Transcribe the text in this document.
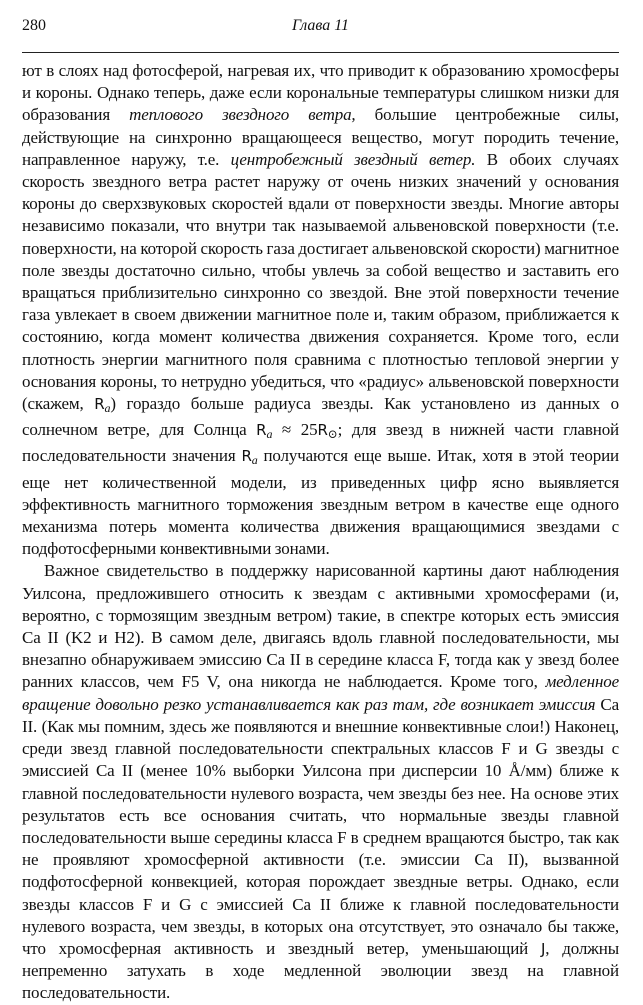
280	Глава 11

ют в слоях над фотосферой, нагревая их, что приводит к образованию хромосферы и короны. Однако теперь, даже если корональные температуры слишком низки для образования теплового звездного ветра, большие центробежные силы, действующие на синхронно вращающееся вещество, могут породить течение, направленное наружу, т.е. центробежный звездный ветер. В обоих случаях скорость звездного ветра растет наружу от очень низких значений у основания короны до сверхзвуковых скоростей вдали от поверхности звезды. Многие авторы независимо показали, что внутри так называемой альвеновской поверхности (т.е. поверхности, на которой скорость газа достигает альвеновской скорости) магнитное поле звезды достаточно сильно, чтобы увлечь за собой вещество и заставить его вращаться приблизительно синхронно со звездой. Вне этой поверхности течение газа увлекает в своем движении магнитное поле и, таким образом, приближается к состоянию, когда момент количества движения сохраняется. Кроме того, если плотность энергии магнитного поля сравнима с плотностью тепловой энергии у основания короны, то нетрудно убедиться, что «радиус» альвеновской поверхности (скажем, $R_a$) гораздо больше радиуса звезды. Как установлено из данных о солнечном ветре, для Солнца $R_a \approx 25R_⊙$; для звезд в нижней части главной последовательности значения $R_a$ получаются еще выше. Итак, хотя в этой теории еще нет количественной модели, из приведенных цифр ясно выявляется эффективность магнитного торможения звездным ветром в качестве еще одного механизма потерь момента количества движения вращающимися звездами с подфотосферными конвективными зонами.

Важное свидетельство в поддержку нарисованной картины дают наблюдения Уилсона, предложившего относить к звездам с активными хромосферами (и, вероятно, с тормозящим звездным ветром) такие, в спектре которых есть эмиссия Ca II (K2 и H2). В самом деле, двигаясь вдоль главной последовательности, мы внезапно обнаруживаем эмиссию Ca II в середине класса F, тогда как у звезд более ранних классов, чем F5 V, она никогда не наблюдается. Кроме того, медленное вращение довольно резко устанавливается как раз там, где возникает эмиссия Ca II. (Как мы помним, здесь же появляются и внешние конвективные слои!) Наконец, среди звезд главной последовательности спектральных классов F и G звезды с эмиссией Ca II (менее 10% выборки Уилсона при дисперсии 10 Å/мм) ближе к главной последовательности нулевого возраста, чем звезды без нее. На основе этих результатов есть все основания считать, что нормальные звезды главной последовательности выше середины класса F в среднем вращаются быстро, так как не проявляют хромосферной активности (т.е. эмиссии Ca II), вызванной подфотосферной конвекцией, которая порождает звездные ветры. Однако, если звезды классов F и G с эмиссией Ca II ближе к главной последовательности нулевого возраста, чем звезды, в которых она отсутствует, это означало бы также, что хромосферная активность и звездный ветер, уменьшающий J, должны непременно затухать в ходе медленной эволюции звезд на главной последовательности.
